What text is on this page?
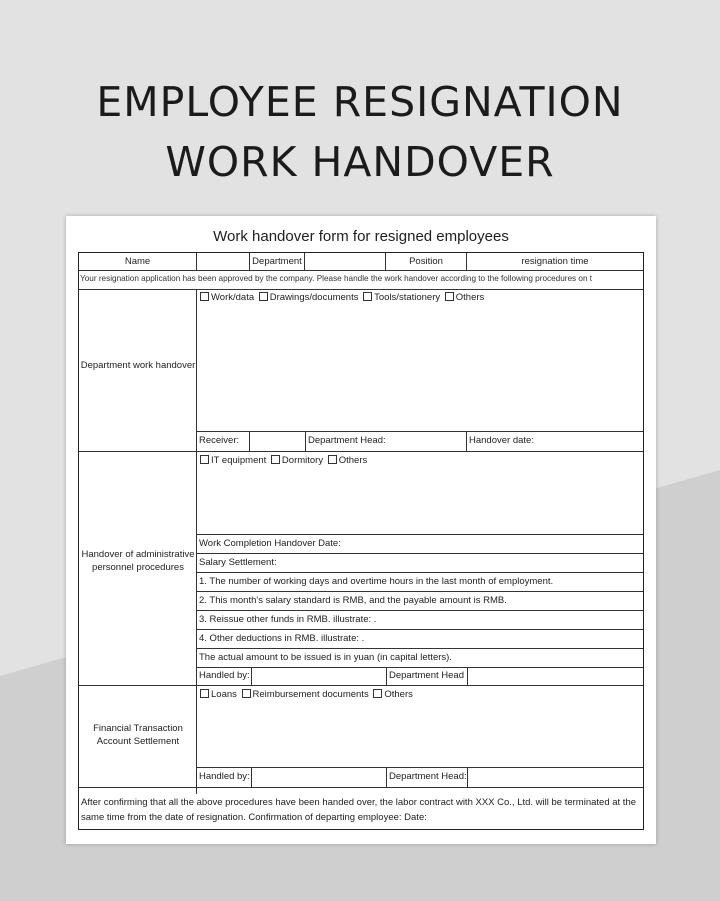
EMPLOYEE RESIGNATION
WORK HANDOVER
Work handover form for resigned employees
Name	Department	Position	resignation time
Your resignation application has been approved by the company. Please handle the work handover according to the following procedures on t
Department work handover
Work/data Drawings/documents Tools/stationery Others
Receiver:	Department Head:	Handover date:
Handover of administrative personnel procedures
IT equipment Dormitory Others
Work Completion Handover Date:
Salary Settlement:
1. The number of working days and overtime hours in the last month of employment.
2. This month's salary standard is RMB, and the payable amount is RMB.
3. Reissue other funds in RMB. illustrate: .
4. Other deductions in RMB. illustrate: .
The actual amount to be issued is in yuan (in capital letters).
Handled by:	Department Head
Financial Transaction Account Settlement
Loans Reimbursement documents Others
Handled by:	Department Head:
After confirming that all the above procedures have been handed over, the labor contract with XXX Co., Ltd. will be terminated at the same time from the date of resignation. Confirmation of departing employee: Date:
